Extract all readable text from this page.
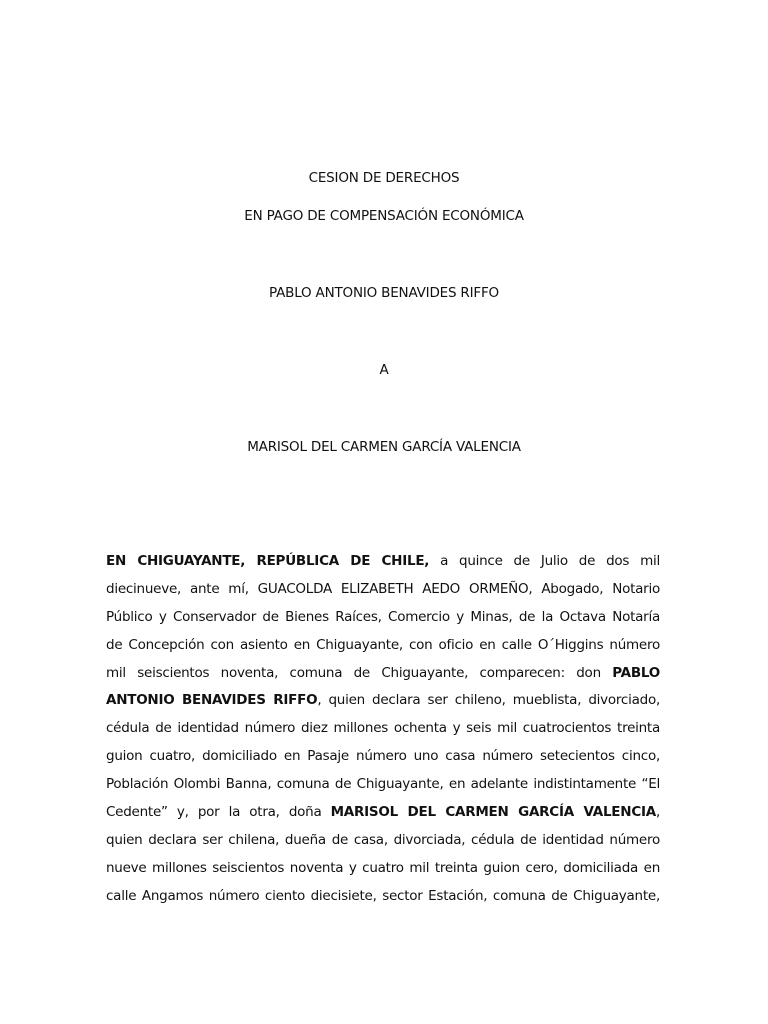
CESION DE DERECHOS
EN PAGO DE COMPENSACIÓN ECONÓMICA
PABLO ANTONIO BENAVIDES RIFFO
A
MARISOL DEL CARMEN GARCÍA VALENCIA
EN CHIGUAYANTE, REPÚBLICA DE CHILE, a quince de Julio de dos mil
diecinueve, ante mí, GUACOLDA ELIZABETH AEDO ORMEÑO, Abogado, Notario
Público y Conservador de Bienes Raíces, Comercio y Minas, de la Octava Notaría
de Concepción con asiento en Chiguayante, con oficio en calle O´Higgins número
mil seiscientos noventa, comuna de Chiguayante, comparecen: don PABLO
ANTONIO BENAVIDES RIFFO, quien declara ser chileno, mueblista, divorciado,
cédula de identidad número diez millones ochenta y seis mil cuatrocientos treinta
guion cuatro, domiciliado en Pasaje número uno casa número setecientos cinco,
Población Olombi Banna, comuna de Chiguayante, en adelante indistintamente “El
Cedente” y, por la otra, doña MARISOL DEL CARMEN GARCÍA VALENCIA,
quien declara ser chilena, dueña de casa, divorciada, cédula de identidad número
nueve millones seiscientos noventa y cuatro mil treinta guion cero, domiciliada en
calle Angamos número ciento diecisiete, sector Estación, comuna de Chiguayante,
